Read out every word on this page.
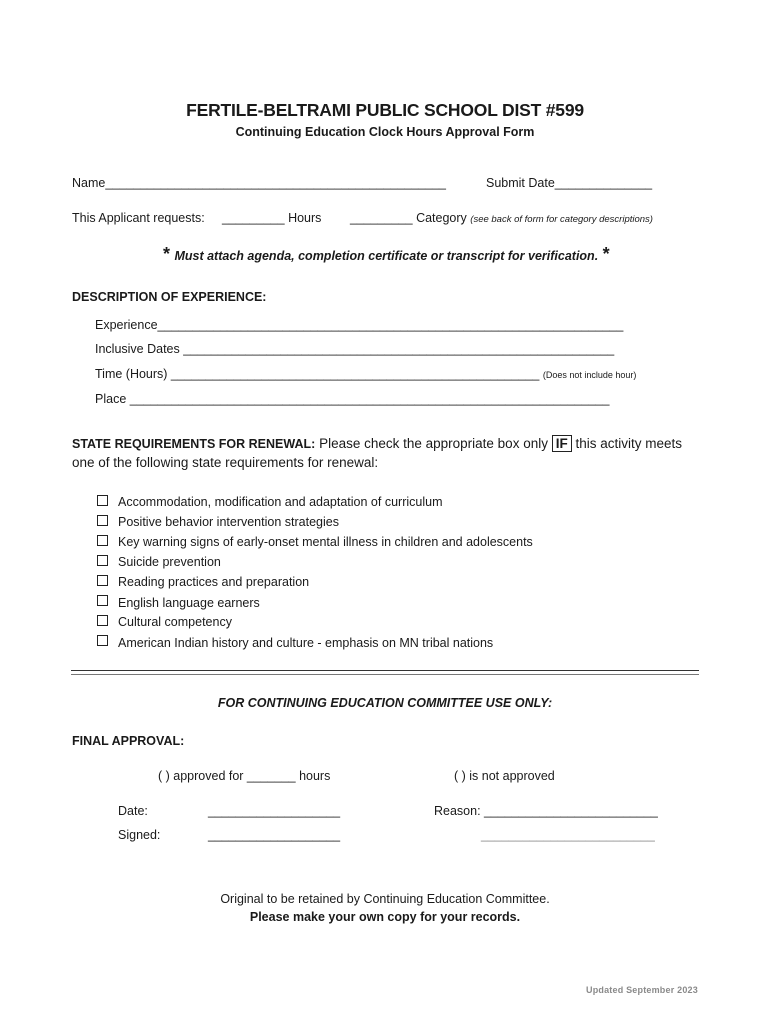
FERTILE-BELTRAMI PUBLIC SCHOOL DIST #599
Continuing Education Clock Hours Approval Form
Name_________________________________________________	Submit Date______________
This Applicant requests: _________ Hours _________ Category (see back of form for category descriptions)
* Must attach agenda, completion certificate or transcript for verification. *
DESCRIPTION OF EXPERIENCE:
Experience___________________________________________________________________
Inclusive Dates ______________________________________________________________
Time (Hours) _____________________________________________________ (Does not include hour)
Place _____________________________________________________________________
STATE REQUIREMENTS FOR RENEWAL: Please check the appropriate box only IF this activity meets
one of the following state requirements for renewal:
Accommodation, modification and adaptation of curriculum
Positive behavior intervention strategies
Key warning signs of early-onset mental illness in children and adolescents
Suicide prevention
Reading practices and preparation
English language earners
Cultural competency
American Indian history and culture - emphasis on MN tribal nations
FOR CONTINUING EDUCATION COMMITTEE USE ONLY:
FINAL APPROVAL:
( ) approved for _______ hours	( ) is not approved
Date:	___________________	Reason: _________________________
Signed:	___________________	_________________________
Original to be retained by Continuing Education Committee.
Please make your own copy for your records.
Updated September 2023
